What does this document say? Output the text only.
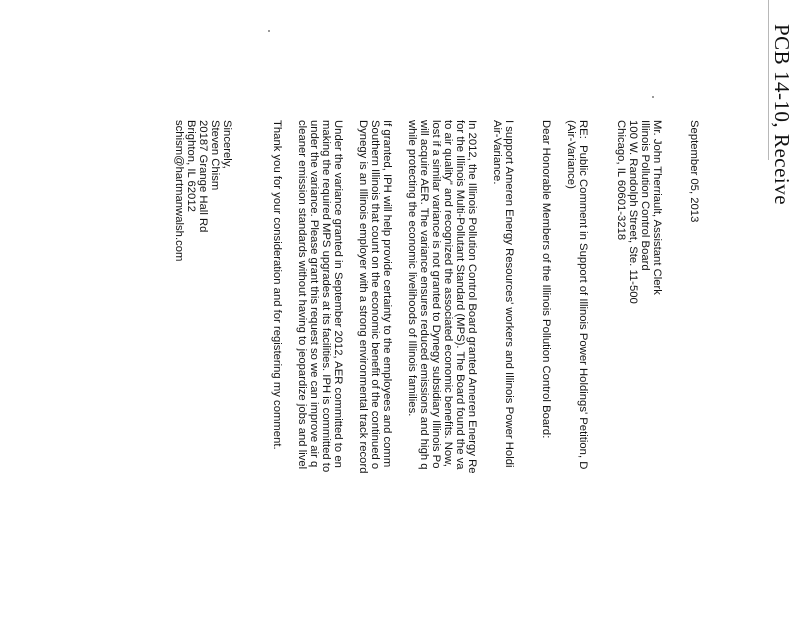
PCB 14-10, Receive
September 05, 2013
Mr. John Therriault, Assistant Clerk
Illinois Pollution Control Board
100 W. Randolph Street, Ste. 11-500
Chicago, IL 60601-3218
RE:  Public Comment in Support of Illinois Power Holdings' Petition, D
(Air-Variance)
Dear Honorable Members of the Illinois Pollution Control Board:
I support Ameren Energy Resources' workers and Illinois Power Holdi
Air-Variance.
In 2012, the Illinois Pollution Control Board granted Ameren Energy Re
for the Illinois Multi-Pollutant Standard (MPS). The Board found the va
to air quality" and recognized the associated economic benefits. Now,
lost if a similar variance is not granted to Dynegy subsidiary Illinois Po
will acquire AER. The variance ensures reduced emissions and high q
while protecting the economic livelihoods of Illinois families.
If granted, IPH will help provide certainty to the employees and comm
Southern Illinois that count on the economic benefit of the continued o
Dynegy is an Illinois employer with a strong environmental track record
Under the variance granted in September 2012, AER committed to en
making the required MPS upgrades at its facilities. IPH is committed to
under the variance. Please grant this request so we can improve air q
cleaner emission standards without having to jeopardize jobs and livel
Thank you for your consideration and for registering my comment.
Sincerely,
Steven Chism
20187 Grange Hall Rd
Brighton, IL 62012
schism@hartmanwalsh.com
